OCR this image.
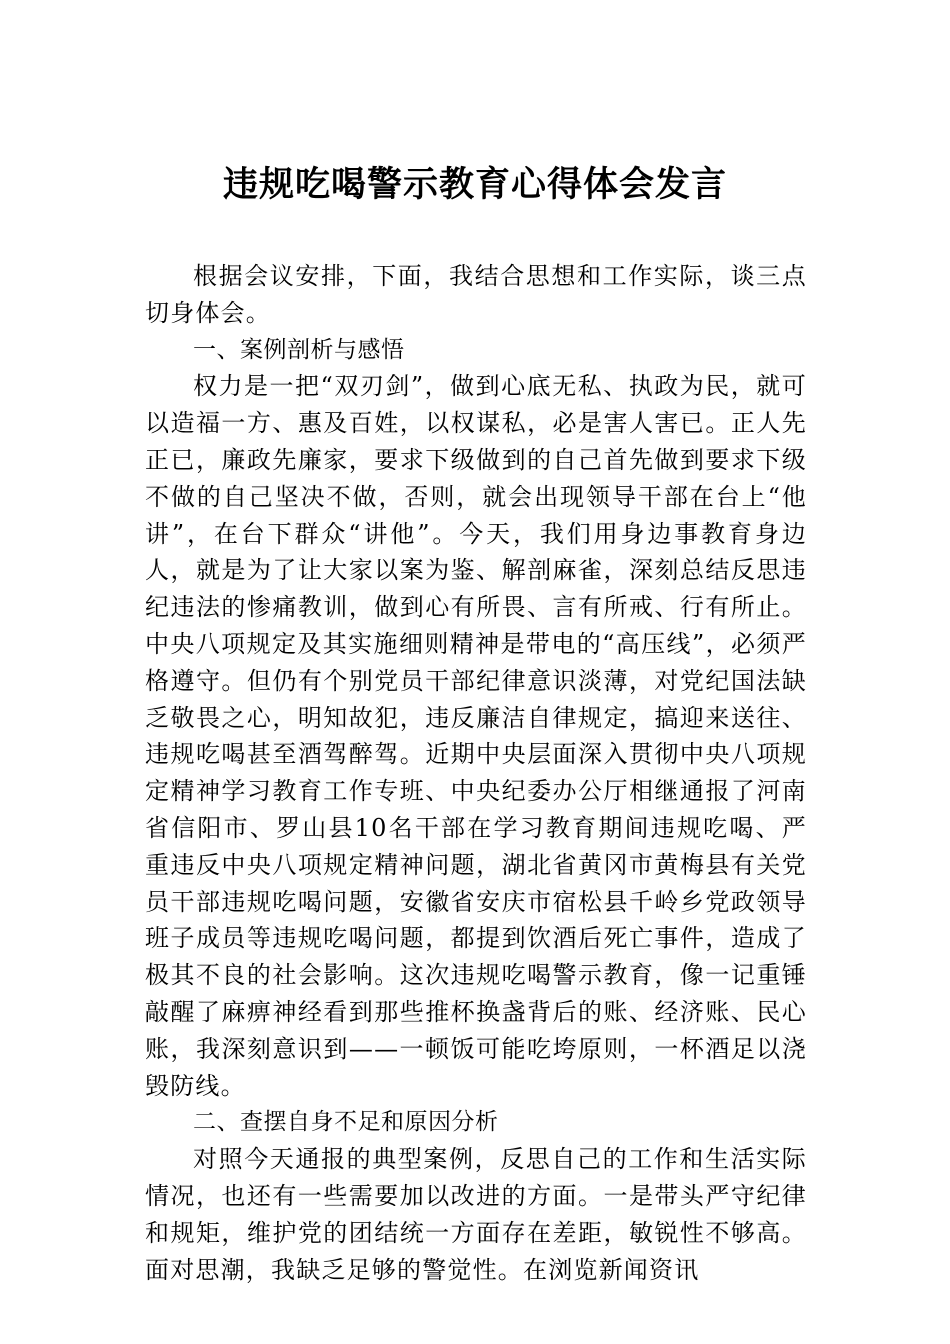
违规吃喝警示教育心得体会发言

根据会议安排，下面，我结合思想和工作实际，谈三点切身体会。

一、案例剖析与感悟

权力是一把“双刃剑”，做到心底无私、执政为民，就可以造福一方、惠及百姓，以权谋私，必是害人害已。正人先正已，廉政先廉家，要求下级做到的自己首先做到要求下级不做的自己坚决不做，否则，就会出现领导干部在台上“他讲”，在台下群众“讲他”。今天，我们用身边事教育身边人，就是为了让大家以案为鉴、解剖麻雀，深刻总结反思违纪违法的惨痛教训，做到心有所畏、言有所戒、行有所止。中央八项规定及其实施细则精神是带电的“高压线”，必须严格遵守。但仍有个别党员干部纪律意识淡薄，对党纪国法缺乏敬畏之心，明知故犯，违反廉洁自律规定，搞迎来送往、违规吃喝甚至酒驾醉驾。近期中央层面深入贯彻中央八项规定精神学习教育工作专班、中央纪委办公厅相继通报了河南省信阳市、罗山县10名干部在学习教育期间违规吃喝、严重违反中央八项规定精神问题，湖北省黄冈市黄梅县有关党员干部违规吃喝问题，安徽省安庆市宿松县千岭乡党政领导班子成员等违规吃喝问题，都提到饮酒后死亡事件，造成了极其不良的社会影响。这次违规吃喝警示教育，像一记重锤敲醒了麻痹神经看到那些推杯换盏背后的账、经济账、民心账，我深刻意识到——一顿饭可能吃垮原则，一杯酒足以浇毁防线。

二、查摆自身不足和原因分析

对照今天通报的典型案例，反思自己的工作和生活实际情况，也还有一些需要加以改进的方面。一是带头严守纪律和规矩，维护党的团结统一方面存在差距，敏锐性不够高。面对思潮，我缺乏足够的警觉性。在浏览新闻资讯
